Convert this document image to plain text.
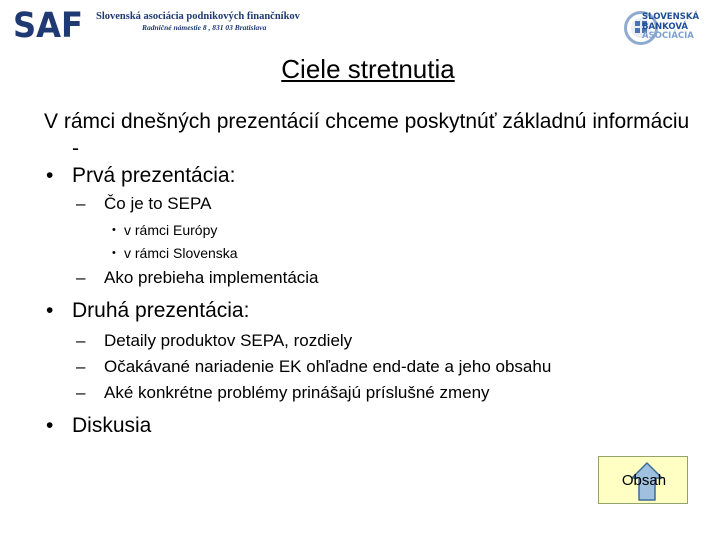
SAF Slovenská asociácia podnikových finančníkov
Radničné námestie 8 , 831 03 Bratislava
SLOVENSKÁ
BANKOVÁ
ASOCIÁCIA
Ciele stretnutia
V rámci dnešných prezentácií chceme poskytnúť základnú informáciu -
• Prvá prezentácia:
– Čo je to SEPA
• v rámci Európy
• v rámci Slovenska
– Ako prebieha implementácia
• Druhá prezentácia:
– Detaily produktov SEPA, rozdiely
– Očakávané nariadenie EK ohľadne end-date a jeho obsahu
– Aké konkrétne problémy prinášajú príslušné zmeny
• Diskusia
Obsah
